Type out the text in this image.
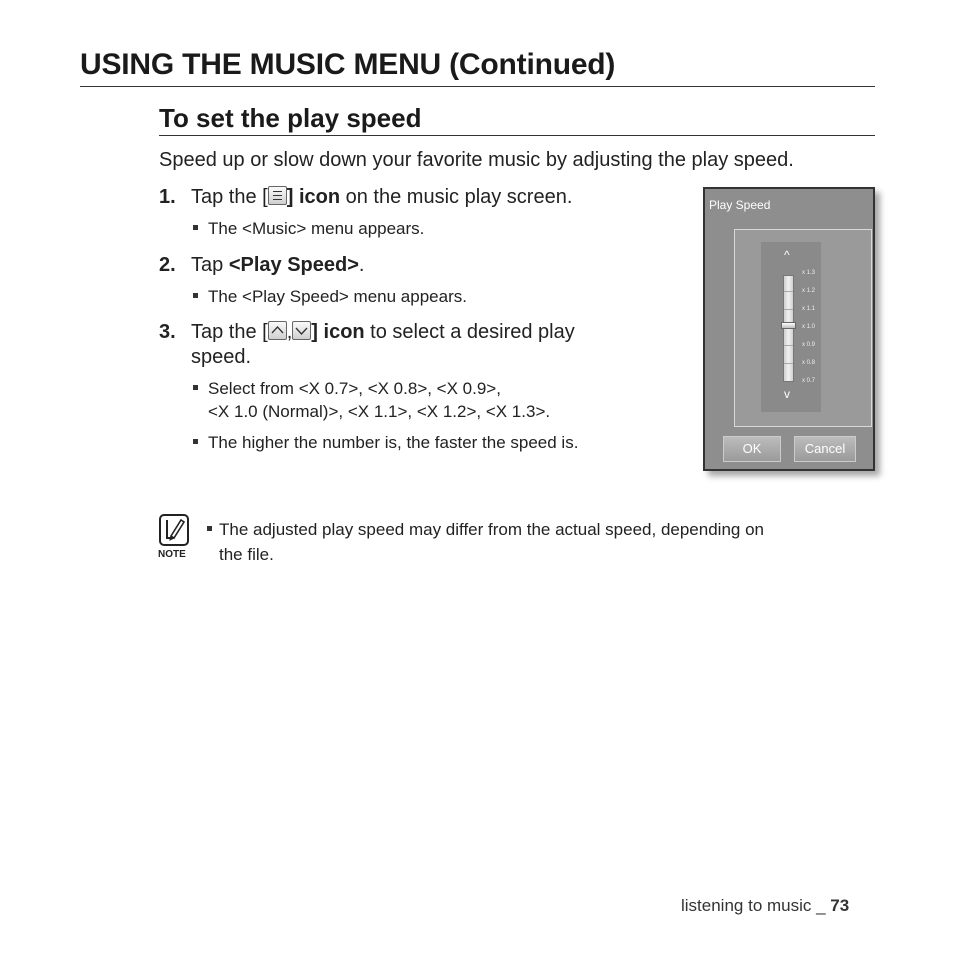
USING THE MUSIC MENU (Continued)
To set the play speed
Speed up or slow down your favorite music by adjusting the play speed.
1. Tap the [ ] icon on the music play screen.
The <Music> menu appears.
2. Tap <Play Speed>.
The <Play Speed> menu appears.
3. Tap the [ , ] icon to select a desired play
speed.
Select from <X 0.7>, <X 0.8>, <X 0.9>,
<X 1.0 (Normal)>, <X 1.1>, <X 1.2>, <X 1.3>.
The higher the number is, the faster the speed is.
Play Speed
^
x 1.3
x 1.2
x 1.1
x 1.0
x 0.9
x 0.8
x 0.7
v
OK	Cancel
NOTE
The adjusted play speed may differ from the actual speed, depending on
the file.
listening to music _ 73
